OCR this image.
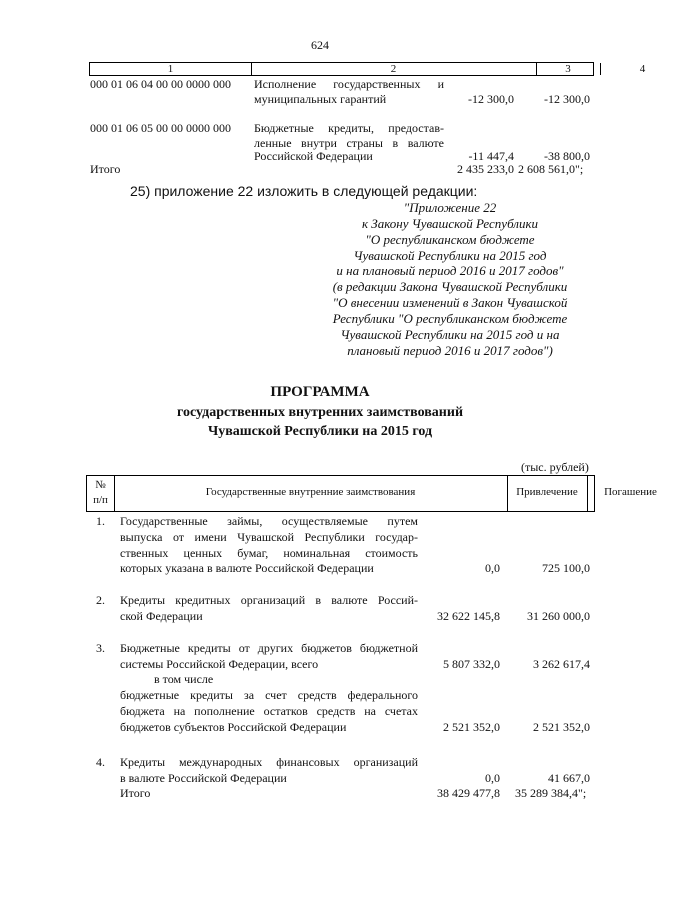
624
1	2	3	4
000 01 06 04 00 00 0000 000 Исполнение государственных и
муниципальных гарантий	-12 300,0	-12 300,0
000 01 06 05 00 00 0000 000 Бюджетные кредиты, предостав-
ленные внутри страны в валюте
Российской Федерации	-11 447,4	-38 800,0
Итого	2 435 233,0 2 608 561,0";
25) приложение 22 изложить в следующей редакции:
"Приложение 22
к Закону Чувашской Республики
"О республиканском бюджете
Чувашской Республики на 2015 год
и на плановый период 2016 и 2017 годов"
(в редакции Закона Чувашской Республики
"О внесении изменений в Закон Чувашской
Республики "О республиканском бюджете
Чувашской Республики на 2015 год и на
плановый период 2016 и 2017 годов")
ПРОГРАММА
государственных внутренних заимствований
Чувашской Республики на 2015 год
(тыс. рублей)
№
п/п
Государственные внутренние заимствования	Привлечение	Погашение
1. Государственные займы, осуществляемые путем
выпуска от имени Чувашской Республики государ-
ственных ценных бумаг, номинальная стоимость
которых указана в валюте Российской Федерации	0,0	725 100,0
2. Кредиты кредитных организаций в валюте Россий-
ской Федерации	32 622 145,8	31 260 000,0
3. Бюджетные кредиты от других бюджетов бюджетной
системы Российской Федерации, всего	5 807 332,0	3 262 617,4
в том числе
бюджетные кредиты за счет средств федерального
бюджета на пополнение остатков средств на счетах
бюджетов субъектов Российской Федерации	2 521 352,0	2 521 352,0
4. Кредиты международных финансовых организаций
в валюте Российской Федерации	0,0	41 667,0
Итого	38 429 477,8 35 289 384,4";
